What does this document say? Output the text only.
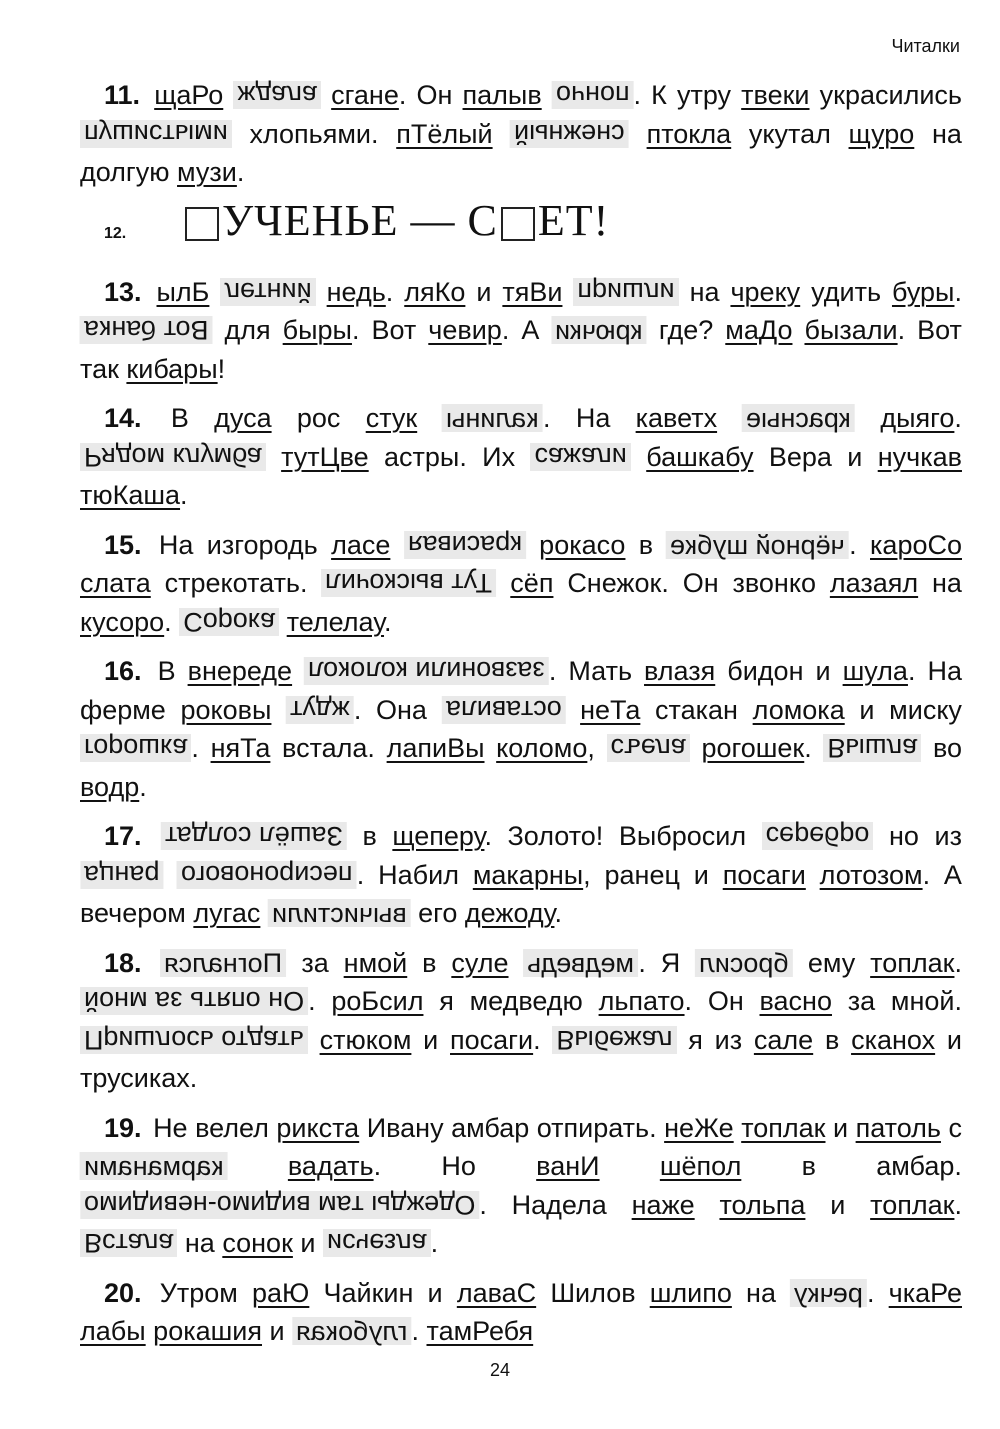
Читалки

11. щаРо ждала сгане. Он палыв пончо . К утру твеки украсились пушистыми хлопьями. пТёлый снежный птокла укутал щуро на долгую музи.

12.	УЧЕНЬЕ — С ЕТ!

13. ылБ летний недь. ляКо и тяВи пришли на чреку удить буры. Вот банка для быры. Вот чевир. А крючки где? маДо бызали. Вот так кибары!

14. В дуса рос стук калины . На каветх красные дыяго. Рядом клумба тутЦве астры. Их сажали башкабу Вера и нучкав тюКаша.

15. На изгородь ласе красивая рокасо в чёрной шубке . кароСо слата стрекотать. Тут выскочил сёп Снежок. Он звонко лазаял на кусоро. Сорока телелау.

16. В внереде зазвонили колокол . Мать влазя бидон и шула. На ферме роковы ждут . Она оставила неТа стакан ломока и миску горошка . няТа встала. лапиВы коломо, съела рогошек. Вышла во водр.

17. Зашёл солдат в щеперу. Золото! Выбросил серебро но из ранца песиронового . Набил макарны, ранец и посаги лотозом. А вечером лугас вычистили его дежоду.

18. Погнался за нмой в суле медведь . Я бросил ему топлак. Он опять за мной . роБсил я медведю льпато. Он васно за мной. Пришлось отдать стюком и посаги. Выбежал я из сале в сканох и трусиках.

19. Не велел рикста Ивану амбар отпирать. неЖе топлак и патоль с карманами вадать. Но ванИ шёпол в амбар. Одежды там видимо-невидимо . Надела наже тольпа и топлак. Встала на сонок и исчезла .

20. Утром раЮ Чайкин и лаваС Шилов шлипо на речку . чкаРе лабы рокашия и глубокая . тамРебя

24
